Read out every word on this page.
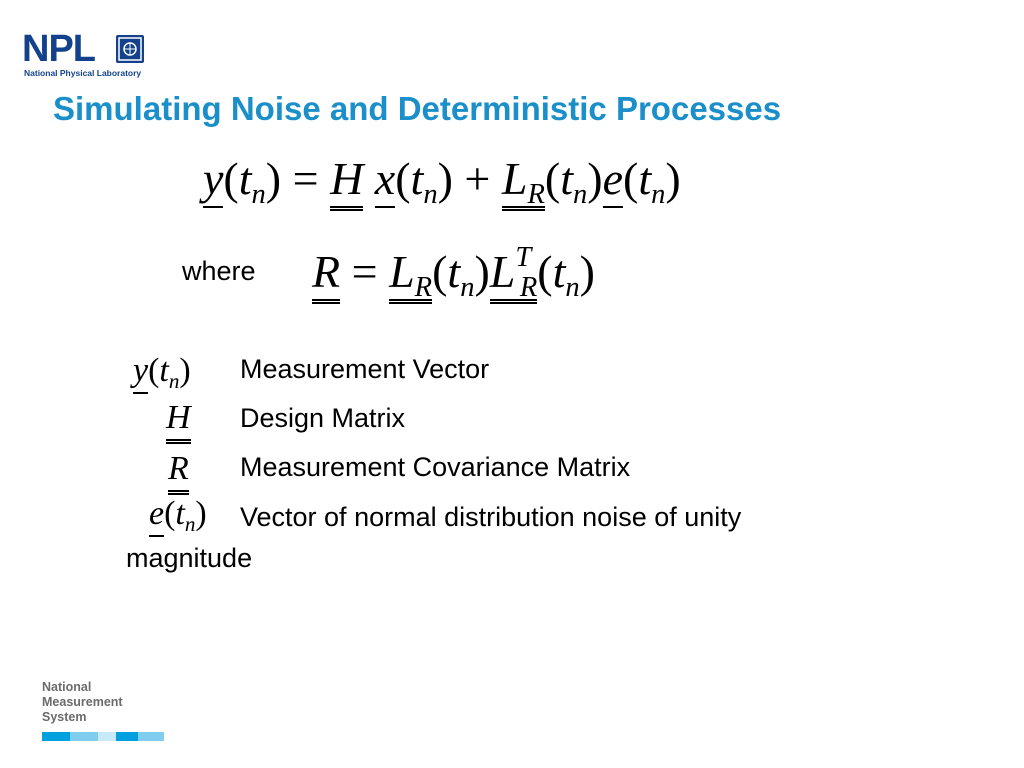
NPL
National Physical Laboratory
Simulating Noise and Deterministic Processes
$y(t_n) = H$ $x(t_n) + L_R(t_n)e(t_n)$
where $R = L_R(t_n)L^T_R(t_n)$
$y(t_n)$ Measurement Vector
H Design Matrix
R Measurement Covariance Matrix
$e(t_n)$ Vector of normal distribution noise of unity
magnitude
National
Measurement
System
